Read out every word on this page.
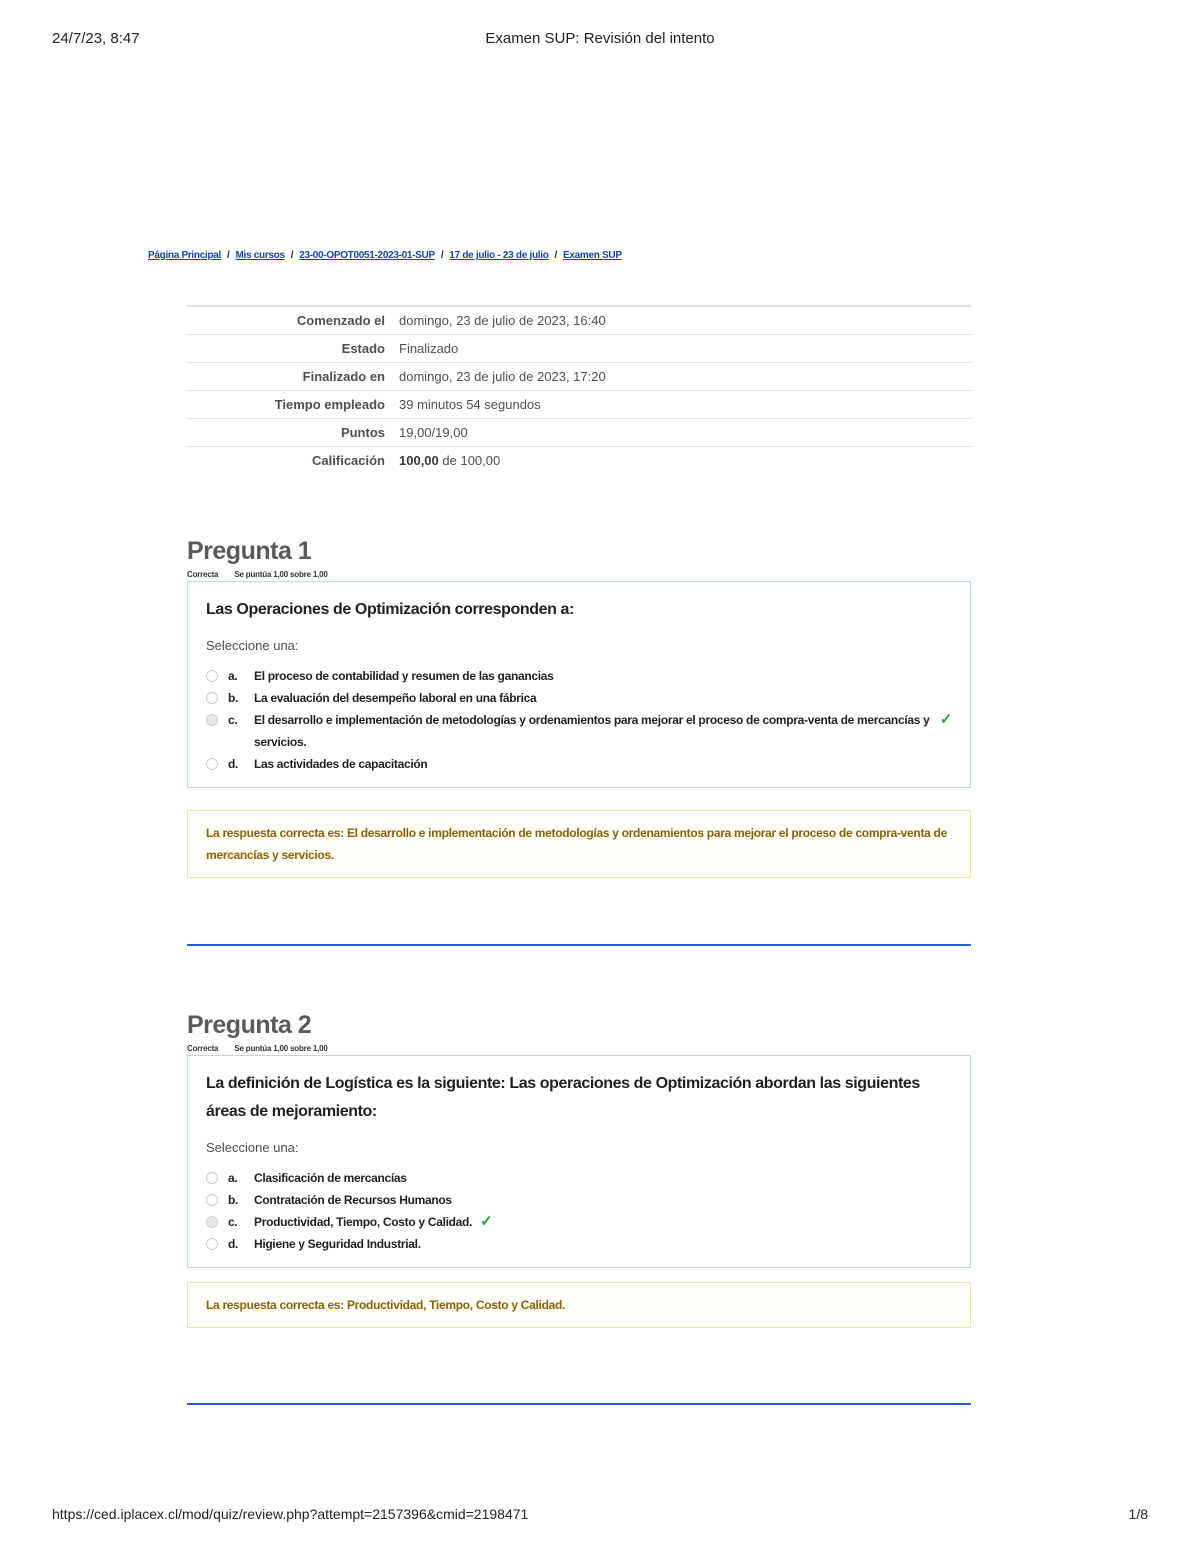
24/7/23, 8:47	Examen SUP: Revisión del intento
Página Principal / Mis cursos / 23-00-OPOT0051-2023-01-SUP / 17 de julio - 23 de julio / Examen SUP
Comenzado el	domingo, 23 de julio de 2023, 16:40
Estado	Finalizado
Finalizado en	domingo, 23 de julio de 2023, 17:20
Tiempo empleado	39 minutos 54 segundos
Puntos	19,00/19,00
Calificación	100,00 de 100,00
Pregunta 1
Correcta Se puntúa 1,00 sobre 1,00
Las Operaciones de Optimización corresponden a:
Seleccione una:
a.	El proceso de contabilidad y resumen de las ganancias
b.	La evaluación del desempeño laboral en una fábrica
c.	El desarrollo e implementación de metodologías y ordenamientos para mejorar el proceso de compra-venta de mercancías y servicios.
✓
d.	Las actividades de capacitación
La respuesta correcta es: El desarrollo e implementación de metodologías y ordenamientos para mejorar el proceso de compra-venta de mercancías y servicios.
Pregunta 2
Correcta Se puntúa 1,00 sobre 1,00
La definición de Logística es la siguiente: Las operaciones de Optimización abordan las siguientes áreas de mejoramiento:
Seleccione una:
a.	Clasificación de mercancías
b.	Contratación de Recursos Humanos
c.	Productividad, Tiempo, Costo y Calidad. ✓
d.	Higiene y Seguridad Industrial.
La respuesta correcta es: Productividad, Tiempo, Costo y Calidad.
https://ced.iplacex.cl/mod/quiz/review.php?attempt=2157396&cmid=2198471	1/8
